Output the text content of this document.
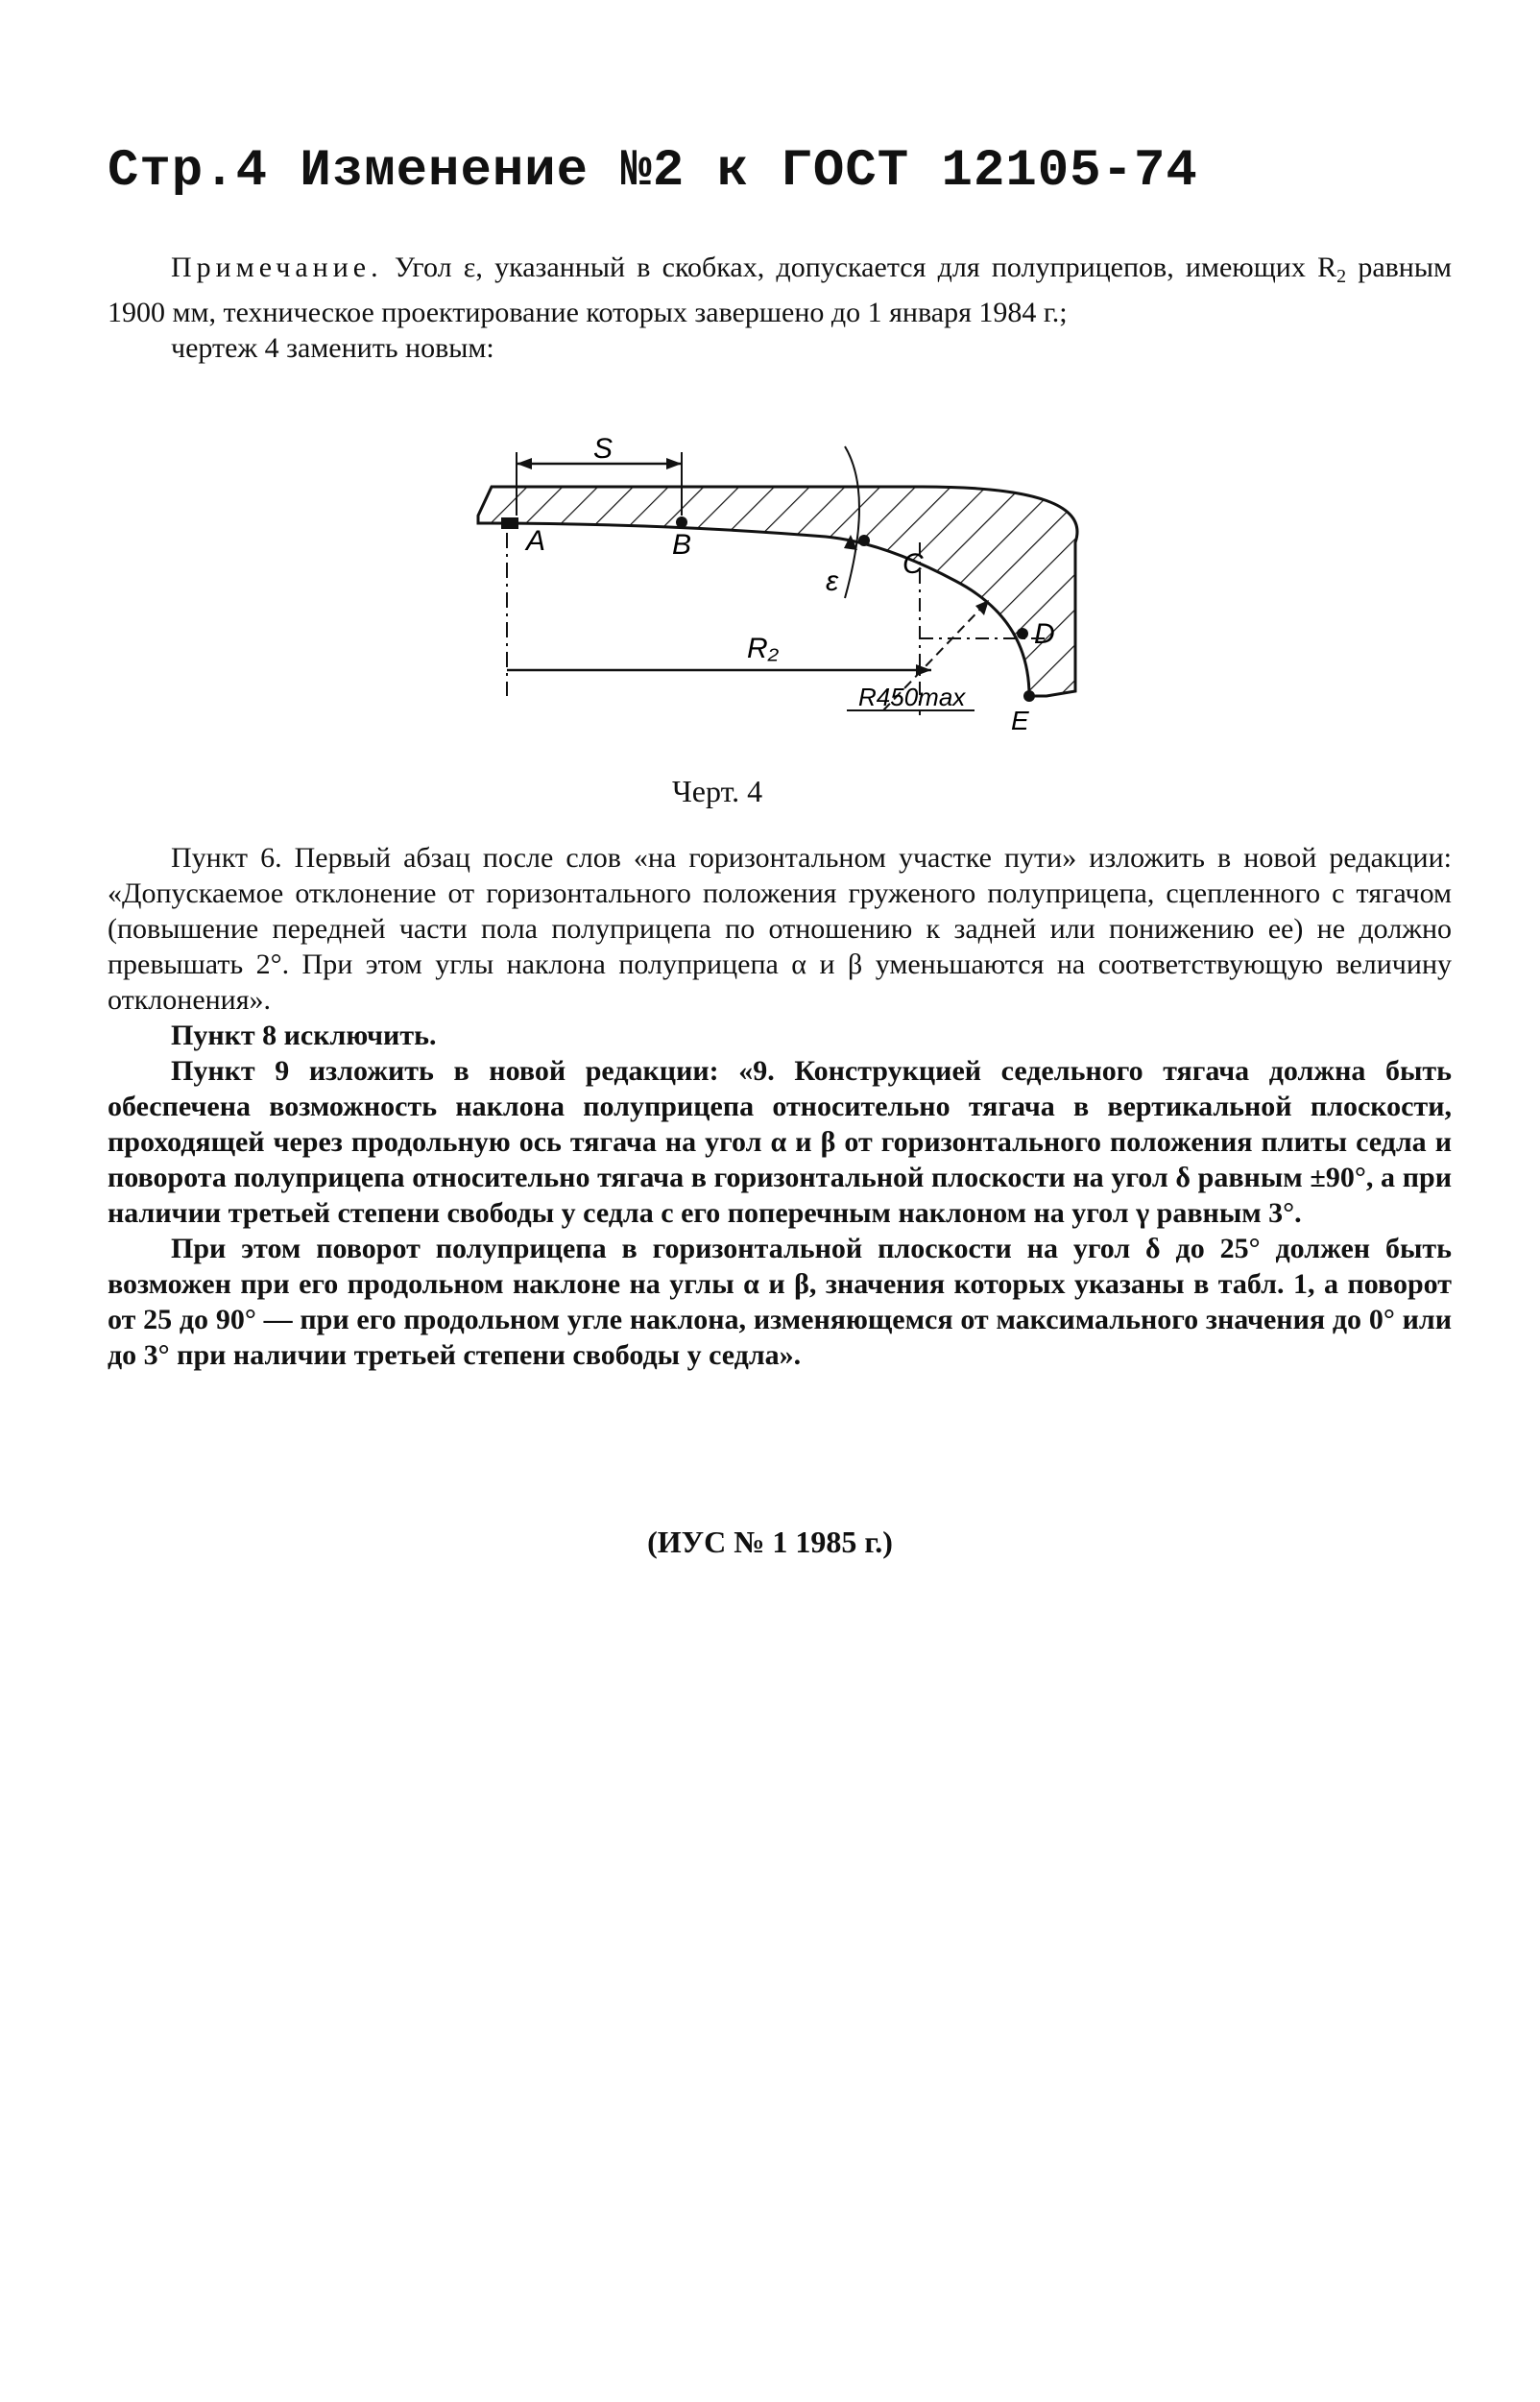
Стр.4 Изменение №2 к ГОСТ 12105-74

Примечание. Угол ε, указанный в скобках, допускается для полуприцепов, имеющих $R_2$ равным 1900 мм, техническое проектирование которых завершено до 1 января 1984 г.;

чертеж 4 заменить новым:

S
A	B
C
D
E
ε
R₂
R450max
Черт. 4

Пункт 6. Первый абзац после слов «на горизонтальном участке пути» изложить в новой редакции: «Допускаемое отклонение от горизонтального положения груженого полуприцепа, сцепленного с тягачом (повышение передней части пола полуприцепа по отношению к задней или понижению ее) не должно превышать 2°. При этом углы наклона полуприцепа α и β уменьшаются на соответствующую величину отклонения».

Пункт 8 исключить.

Пункт 9 изложить в новой редакции: «9. Конструкцией седельного тягача должна быть обеспечена возможность наклона полуприцепа относительно тягача в вертикальной плоскости, проходящей через продольную ось тягача на угол α и β от горизонтального положения плиты седла и поворота полуприцепа относительно тягача в горизонтальной плоскости на угол δ равным ±90°, а при наличии третьей степени свободы у седла с его поперечным наклоном на угол γ равным 3°.

При этом поворот полуприцепа в горизонтальной плоскости на угол δ до 25° должен быть возможен при его продольном наклоне на углы α и β, значения которых указаны в табл. 1, а поворот от 25 до 90° — при его продольном угле наклона, изменяющемся от максимального значения до 0° или до 3° при наличии третьей степени свободы у седла».

(ИУС № 1 1985 г.)
